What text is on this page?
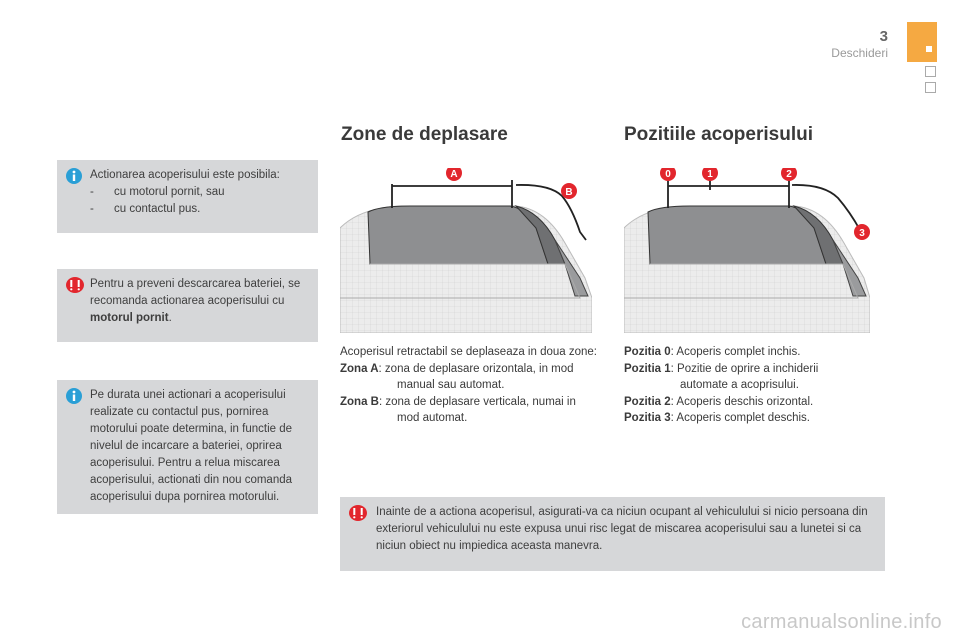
3
Deschideri
Actionarea acoperisului este posibila:
-	cu motorul pornit, sau
-	cu contactul pus.
Pentru a preveni descarcarea bateriei, se recomanda actionarea acoperisului cu motorul pornit.
Pe durata unei actionari a acoperisului realizate cu contactul pus, pornirea motorului poate determina, in functie de nivelul de incarcare a bateriei, oprirea acoperisului. Pentru a relua miscarea acoperisului, actionati din nou comanda acoperisului dupa pornirea motorului.
Zone de deplasare	Pozitiile acoperisului
A
B
0	1	2
3
Acoperisul retractabil se deplaseaza in doua zone:
Zona A : zona de deplasare orizontala, in mod
manual sau automat.
Zona B : zona de deplasare verticala, numai in
mod automat.
Pozitia 0 : Acoperis complet inchis.
Pozitia 1 : Pozitie de oprire a inchiderii
automate a acoprisului.
Pozitia 2 : Acoperis deschis orizontal.
Pozitia 3 : Acoperis complet deschis.
Inainte de a actiona acoperisul, asigurati-va ca niciun ocupant al vehiculului si nicio persoana din exteriorul vehiculului nu este expusa unui risc legat de miscarea acoperisului sau a lunetei si ca niciun obiect nu impiedica aceasta manevra.
carmanualsonline.info
